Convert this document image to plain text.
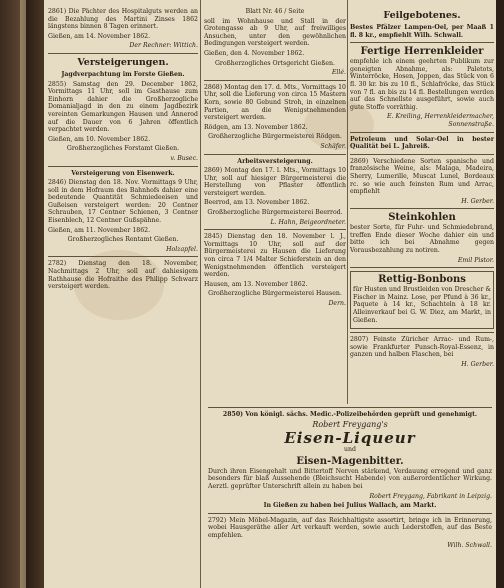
2861) Die Pächter des Hospitalguts werden an die Bezahlung des Martini Zinses 1862 längstens binnen 8 Tagen erinnert.

Gießen, am 14. November 1862.

Der Rechner: Wittich.

Versteigerungen.

Jagdverpachtung im Forste Gießen.

2855) Samstag den 29. December 1862, Vormittags 11 Uhr, soll im Gasthause zum Einhorn dahier die Großherzogliche Domanialjagd in den zu einem Jagdbezirk vereinten Gemarkungen Hausen und Annerod auf die Dauer von 6 Jahren öffentlich verpachtet werden.

Gießen, am 10. November 1862.

Großherzogliches Forstamt Gießen.

v. Busec.

Versteigerung von Eisenwerk.

2846) Dienstag den 18. Nov. Vormittags 9 Uhr, soll in dem Hofraum des Bahnhofs dahier eine bedeutende Quantität Schmiedeeisen und Gußeisen versteigert werden: 20 Centner Schrauben, 17 Centner Schienen, 3 Centner Eisenblech, 12 Centner Gußspähne.

Gießen, am 11. November 1862.

Großherzogliches Rentamt Gießen.

Holzapfel.

2782) Dienstag den 18. November, Nachmittags 2 Uhr, soll auf dahiesigem Rathhause die Hofraithe des Philipp Schwarz versteigert werden.

Blatt Nr. 46 / Seite

soll im Wohnhause und Stall in der Grotengasse ab 9 Uhr, auf freiwilliges Ansuchen, unter den gewöhnlichen Bedingungen versteigert werden.

Gießen, den 4. November 1862.

Großherzogliches Ortsgericht Gießen.

Ellé.

2868) Montag den 17. d. Mts., Vormittags 10 Uhr, soll die Lieferung von circa 15 Mastern Korn, sowie 80 Gebund Stroh, in einzelnen Partien, an die Wenigstnehmenden versteigert werden.

Rödgen, am 13. November 1862.

Großherzogliche Bürgermeisterei Rödgen.

Schäfer.

Arbeitsversteigerung.

2869) Montag den 17. l. Mts., Vormittags 10 Uhr, soll auf hiesiger Bürgermeisterei die Herstellung von Pflaster öffentlich versteigert werden.

Beerrod, am 13. November 1862.

Großherzogliche Bürgermeisterei Beerrod.

L. Hahn, Beigeordneter.

2845) Dienstag den 18. November l. J., Vormittags 10 Uhr, soll auf der Bürgermeisterei zu Hausen die Lieferung von circa 7 1/4 Malter Schieferstein an den Wenigstnehmenden öffentlich versteigert werden.

Hausen, am 13. November 1862.

Großherzogliche Bürgermeisterei Hausen.

Dern.

Feilgebotenes.

Bestes Pfälzer Lampen-Oel, per Maaß 1 fl. 8 kr., empfiehlt Wilh. Schwall.

Fertige Herrenkleider

empfehle ich einem geehrten Publikum zur geneigten Abnahme, als: Paletots, Winterröcke, Hosen, Joppen, das Stück von 6 fl. 30 kr. bis zu 10 fl., Schlafröcke, das Stück von 7 fl. an bis zu 14 fl. Bestellungen werden auf das Schnellste ausgeführt, sowie auch gute Stoffe vorräthig.

E. Kreiling, Herrenkleidermacher, Sonnenstraße.

Petroleum und Solar-Oel in bester Qualität bei L. Jahreiß.

2869) Verschiedene Sorten spanische und französische Weine, als: Malaga, Madeira, Sherry, Lumerille, Muscat Lunel, Bordeaux rc. so wie auch feinsten Rum und Arrac, empfiehlt

H. Gerber.

Steinkohlen

bester Sorte, für Fuhr- und Schmiedebrand, treffen Ende dieser Woche dahier ein und bitte ich bei Abnahme gegen Vorausbezahlung zu notiren.

Emil Pistor.

Rettig-Bonbons

für Husten und Brustleiden von Drescher & Fischer in Mainz. Lose, per Pfund à 36 kr., Paquete à 14 kr., Schachteln à 18 kr. Alleinverkauf bei G. W. Diez, am Markt, in Gießen.

2807) Feinste Züricher Arrac- und Rum-, sowie Frankfurter Punsch-Royal-Essenz, in ganzen und halben Flaschen, bei

H. Gerber.

2850) Von königl. sächs. Medic.-Polizeibehörden geprüft und genehmigt.

Robert Freygang's

Eisen-Liqueur

und

Eisen-Magenbitter.

Durch ihren Eisengehalt und Bittertoff Nerven stärkend, Verdauung erregend und ganz besonders für blaß Aussehende (Bleichsucht Habende) von außerordentlicher Wirkung. Aerztl. geprüfter Unterschrift allein zu haben bei

Robert Freygang, Fabrikant in Leipzig.

In Gießen zu haben bei Julius Wallach, am Markt.

2792) Mein Möbel-Magazin, auf das Reichhaltigste assortirt, bringe ich in Erinnerung, wobei Hausgeräthe aller Art verkauft werden, sowie auch Lederstoffen, auf das Beste empfehlen.

Wilh. Schwall.
